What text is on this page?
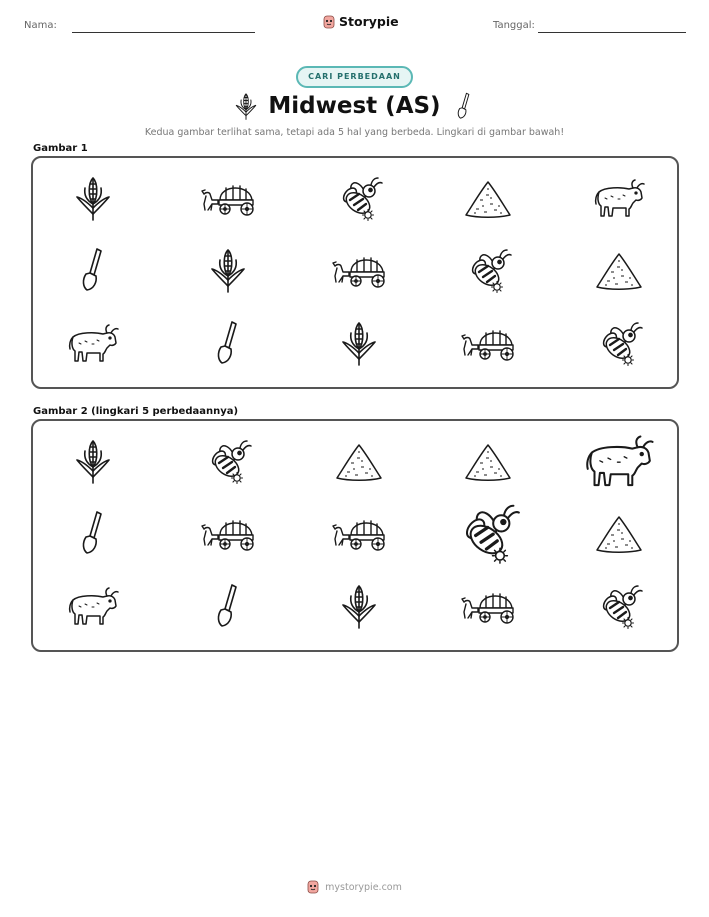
Nama:	Storypie	Tanggal:
CARI PERBEDAAN
Midwest (AS)
Kedua gambar terlihat sama, tetapi ada 5 hal yang berbeda. Lingkari di gambar bawah!
Gambar 1
Gambar 2 (lingkari 5 perbedaannya)
mystorypie.com
